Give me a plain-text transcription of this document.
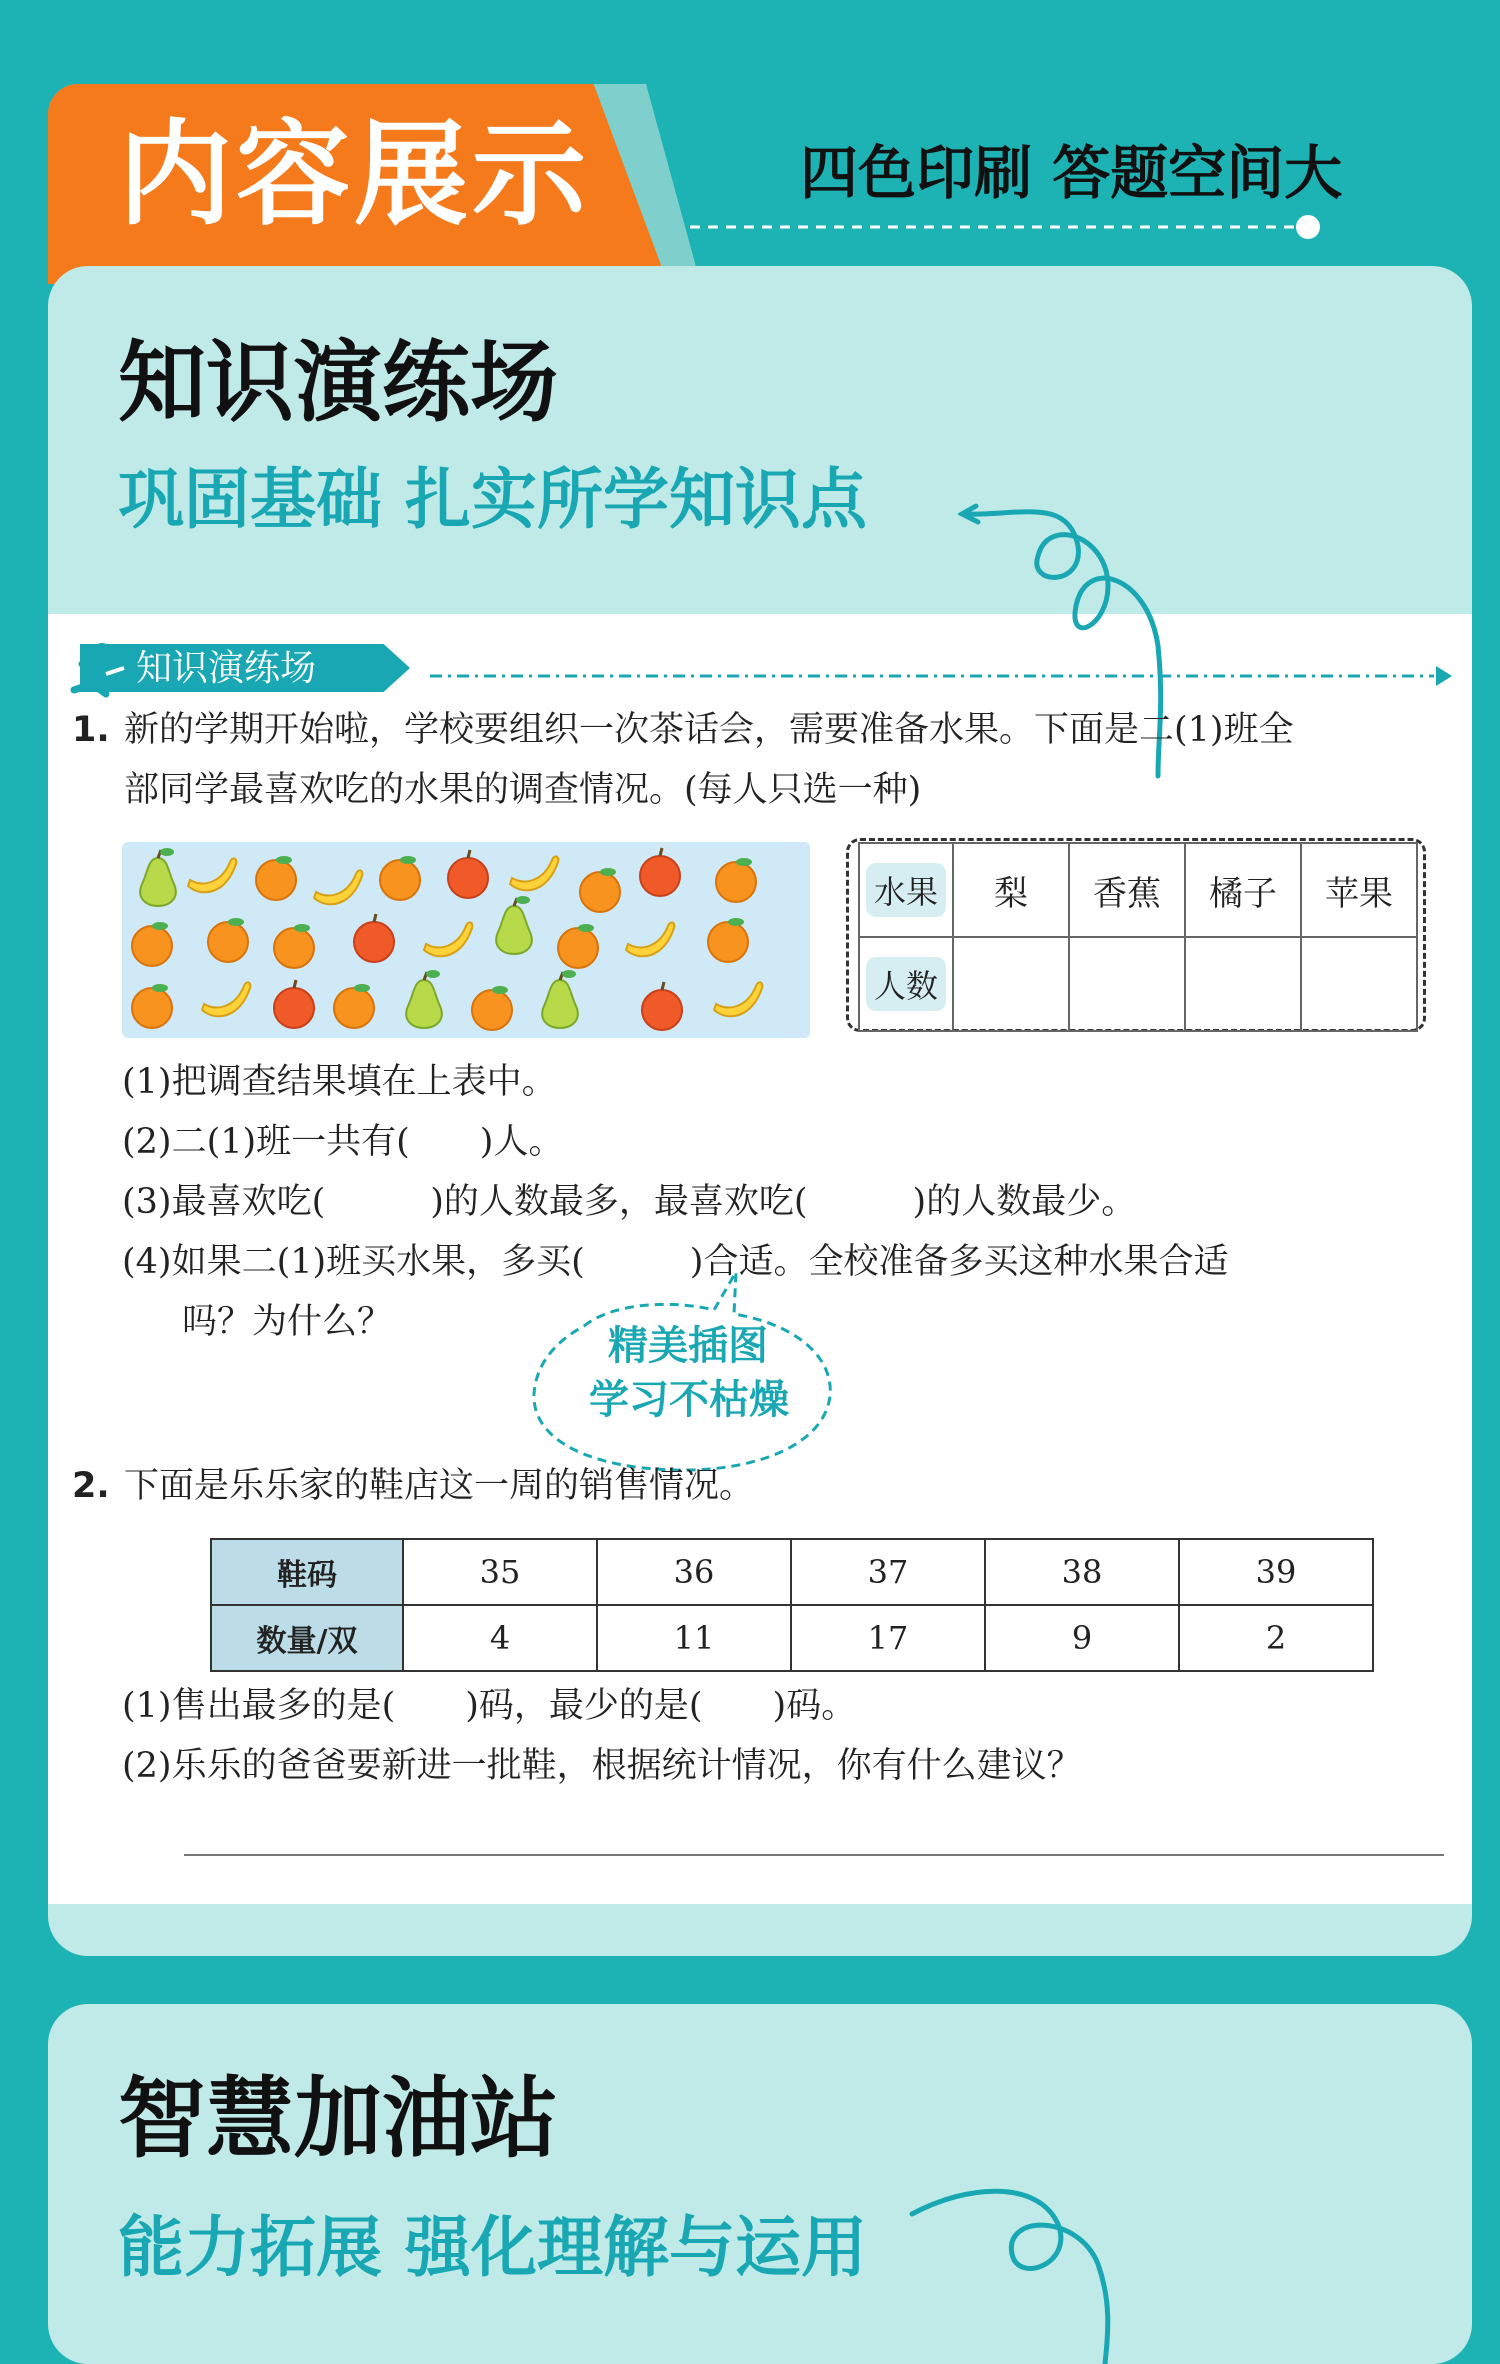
内容展示	四色印刷 答题空间大
知识演练场
巩固基础 扎实所学知识点
知识演练场
1. 新的学期开始啦，学校要组织一次茶话会，需要准备水果。下面是二(1)班全
部同学最喜欢吃的水果的调查情况。(每人只选一种)
水果	梨	香蕉	橘子	苹果
人数				
(1)把调查结果填在上表中。
(2)二(1)班一共有(　　)人。
(3)最喜欢吃(　　　)的人数最多，最喜欢吃(　　　)的人数最少。
(4)如果二(1)班买水果，多买(　　　)合适。全校准备多买这种水果合适
吗？为什么？
精美插图
学习不枯燥
2. 下面是乐乐家的鞋店这一周的销售情况。
鞋码	35	36	37	38	39
数量/双	4	11	17	9	2
(1)售出最多的是(　　)码，最少的是(　　)码。
(2)乐乐的爸爸要新进一批鞋，根据统计情况，你有什么建议？
智慧加油站
能力拓展 强化理解与运用
